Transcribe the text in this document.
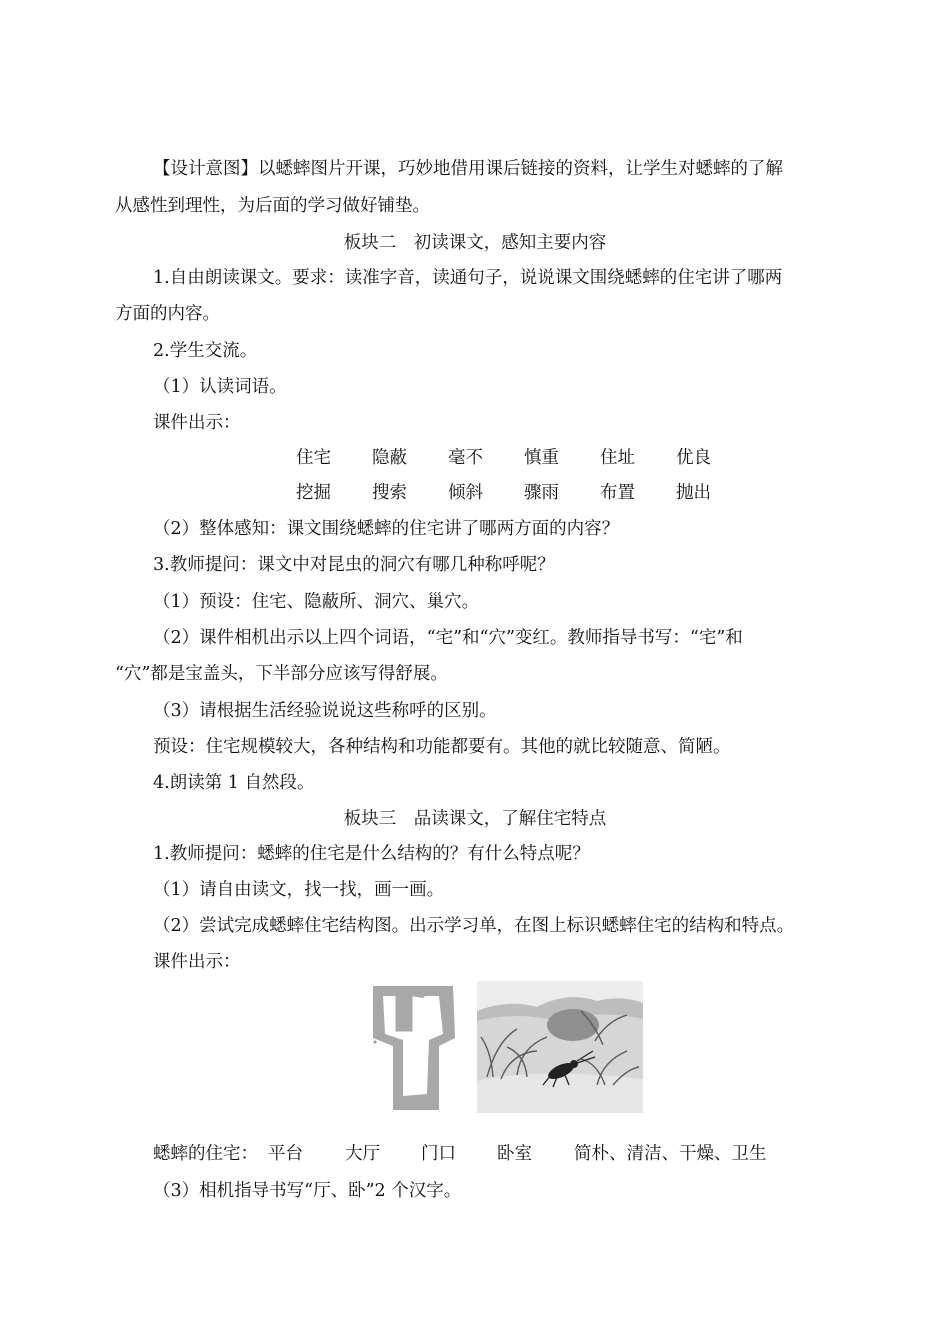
【设计意图】以蟋蟀图片开课，巧妙地借用课后链接的资料，让学生对蟋蟀的了解
从感性到理性，为后面的学习做好铺垫。
板块二　初读课文，感知主要内容
1.自由朗读课文。要求：读准字音，读通句子，说说课文围绕蟋蟀的住宅讲了哪两
方面的内容。
2.学生交流。
（1）认读词语。
课件出示：
住宅 隐蔽 毫不 慎重 住址 优良
挖掘 搜索 倾斜 骤雨 布置 抛出
（2）整体感知：课文围绕蟋蟀的住宅讲了哪两方面的内容？
3.教师提问：课文中对昆虫的洞穴有哪几种称呼呢？
（1）预设：住宅、隐蔽所、洞穴、巢穴。
（2）课件相机出示以上四个词语，“宅”和“穴”变红。教师指导书写：“宅”和
“穴”都是宝盖头，下半部分应该写得舒展。
（3）请根据生活经验说说这些称呼的区别。
预设：住宅规模较大，各种结构和功能都要有。其他的就比较随意、简陋。
4.朗读第 1 自然段。
板块三　品读课文，了解住宅特点
1.教师提问：蟋蟀的住宅是什么结构的？有什么特点呢？
（1）请自由读文，找一找，画一画。
（2）尝试完成蟋蟀住宅结构图。出示学习单，在图上标识蟋蟀住宅的结构和特点。
课件出示：
蟋蟀的住宅： 平台 大厅 门口 卧室 简朴、清洁、干燥、卫生
（3）相机指导书写“厅、卧”2 个汉字。
